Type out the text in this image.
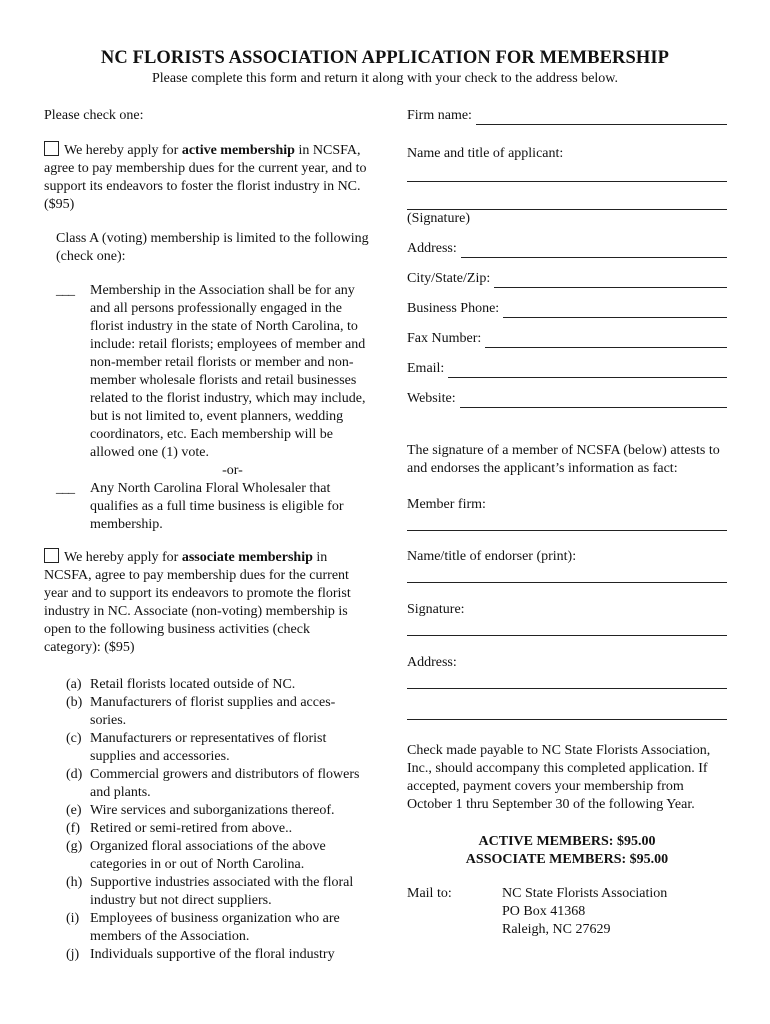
NC FLORISTS ASSOCIATION APPLICATION FOR MEMBERSHIP
Please complete this form and return it along with your check to the address below.
Please check one:

We hereby apply for active membership in NCSFA, agree to pay membership dues for the current year, and to support its endeavors to foster the florist industry in NC. ($95)

Class A (voting) membership is limited to the following (check one):

___	Membership in the Association shall be for any and all persons professionally engaged in the florist industry in the state of North Carolina, to include: retail florists; employees of member and non-member retail florists or member and non-member wholesale florists and retail businesses related to the florist industry, which may include, but is not limited to, event planners, wedding coordinators, etc. Each membership will be allowed one (1) vote.
-or-
___	Any North Carolina Floral Wholesaler that qualifies as a full time business is eligible for membership.

We hereby apply for associate membership in NCSFA, agree to pay membership dues for the current year and to support its endeavors to promote the florist industry in NC. Associate (non-voting) membership is open to the following business activities (check category): ($95)

(a) Retail florists located outside of NC.
(b) Manufacturers of florist supplies and acces-sories.
(c) Manufacturers or representatives of florist supplies and accessories.
(d) Commercial growers and distributors of flowers and plants.
(e) Wire services and suborganizations thereof.
(f) Retired or semi-retired from above..
(g) Organized floral associations of the above categories in or out of North Carolina.
(h) Supportive industries associated with the floral industry but not direct suppliers.
(i) Employees of business organization who are members of the Association.
(j) Individuals supportive of the floral industry
Firm name:
Name and title of applicant:
(Signature)
Address:
City/State/Zip:
Business Phone:
Fax Number:
Email:
Website:

The signature of a member of NCSFA (below) attests to and endorses the applicant’s information as fact:

Member firm:
Name/title of endorser (print):
Signature:
Address:

Check made payable to NC State Florists Association, Inc., should accompany this completed application. If accepted, payment covers your membership from October 1 thru September 30 of the following Year.

ACTIVE MEMBERS: $95.00
ASSOCIATE MEMBERS: $95.00
Mail to:	NC State Florists Association
PO Box 41368
Raleigh, NC 27629
